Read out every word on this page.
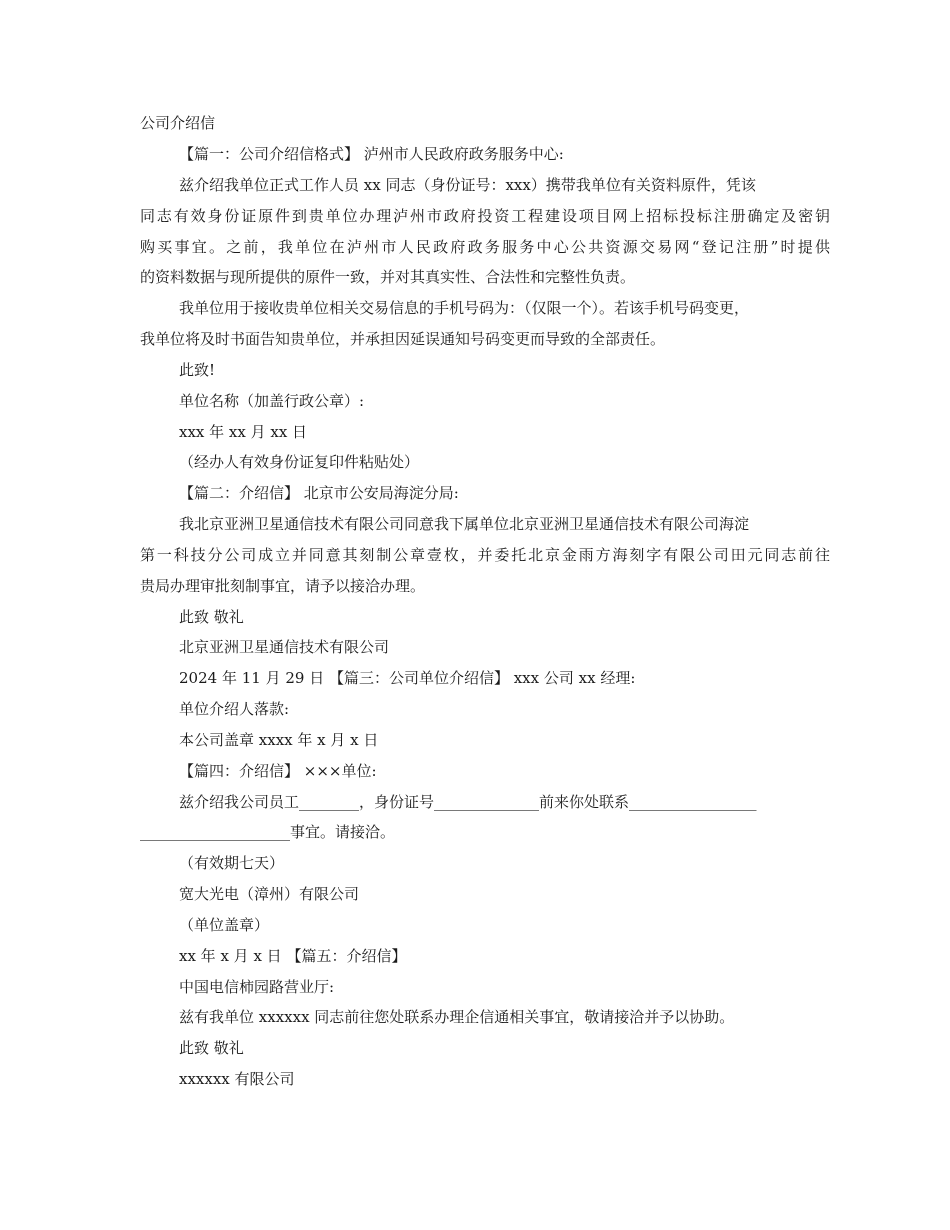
公司介绍信
【篇一：公司介绍信格式】 泸州市人民政府政务服务中心:
兹介绍我单位正式工作人员 xx 同志（身份证号：xxx）携带我单位有关资料原件，凭该
同志有效身份证原件到贵单位办理泸州市政府投资工程建设项目网上招标投标注册确定及密钥
购买事宜。之前，我单位在泸州市人民政府政务服务中心公共资源交易网“登记注册”时提供
的资料数据与现所提供的原件一致，并对其真实性、合法性和完整性负责。
我单位用于接收贵单位相关交易信息的手机号码为：（仅限一个）。若该手机号码变更，
我单位将及时书面告知贵单位，并承担因延误通知号码变更而导致的全部责任。
此致!
单位名称（加盖行政公章）:
xxx 年 xx 月 xx 日
（经办人有效身份证复印件粘贴处）
【篇二：介绍信】 北京市公安局海淀分局:
我北京亚洲卫星通信技术有限公司同意我下属单位北京亚洲卫星通信技术有限公司海淀
第一科技分公司成立并同意其刻制公章壹枚，并委托北京金雨方海刻字有限公司田元同志前往
贵局办理审批刻制事宜，请予以接洽办理。
此致 敬礼
北京亚洲卫星通信技术有限公司
2024 年 11 月 29 日 【篇三：公司单位介绍信】 xxx 公司 xx 经理:
单位介绍人落款:
本公司盖章 xxxx 年 x 月 x 日
【篇四：介绍信】 ×××单位:
兹介绍我公司员工________，身份证号______________前来你处联系_________________
____________________事宜。请接洽。
（有效期七天）
宽大光电（漳州）有限公司
（单位盖章）
xx 年 x 月 x 日 【篇五：介绍信】
中国电信柿园路营业厅:
兹有我单位 xxxxxx 同志前往您处联系办理企信通相关事宜，敬请接洽并予以协助。
此致 敬礼
xxxxxx 有限公司
